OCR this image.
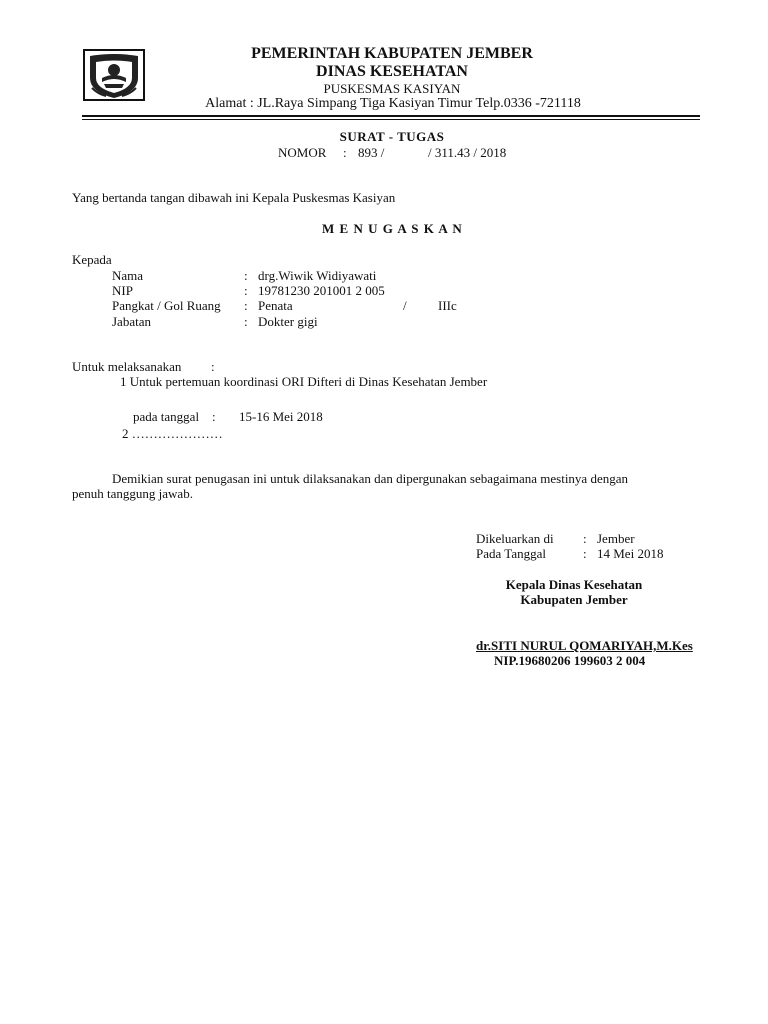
PEMERINTAH KABUPATEN JEMBER
DINAS KESEHATAN
PUSKESMAS KASIYAN
Alamat : JL.Raya Simpang Tiga Kasiyan Timur Telp.0336 -721118
SURAT - TUGAS
NOMOR : 893 /	/ 311.43 / 2018
Yang bertanda tangan dibawah ini Kepala Puskesmas Kasiyan
M E N U G A S K A N
Kepada
Nama	: drg.Wiwik Widiyawati
NIP	: 19781230 201001 2 005
Pangkat / Gol Ruang : Penata	/ IIIc
Jabatan	: Dokter gigi
Untuk melaksanakan :
1 Untuk pertemuan koordinasi ORI Difteri di Dinas Kesehatan Jember
pada tanggal : 15-16 Mei 2018
2 …………………
Demikian surat penugasan ini untuk dilaksanakan dan dipergunakan sebagaimana mestinya dengan
penuh tanggung jawab.
Dikeluarkan di : Jember
Pada Tanggal	: 14 Mei 2018
Kepala Dinas Kesehatan
Kabupaten Jember
dr.SITI NURUL QOMARIYAH,M.Kes
NIP.19680206 199603 2 004
